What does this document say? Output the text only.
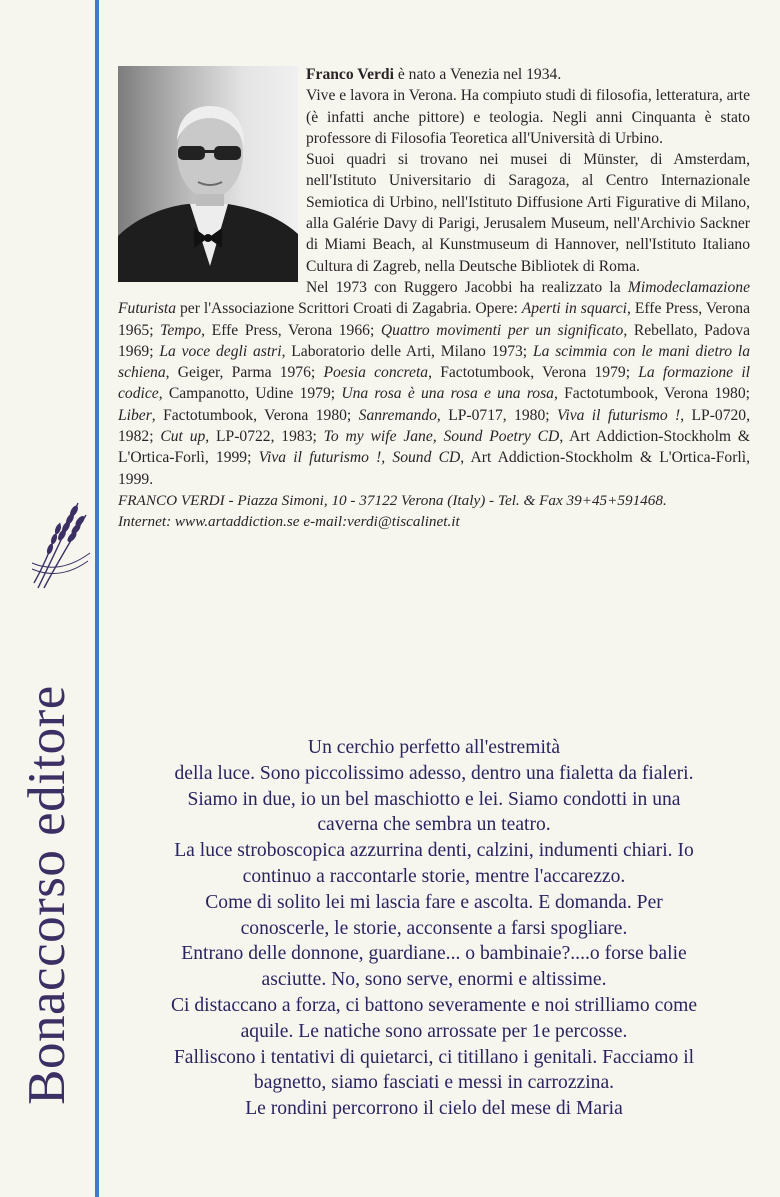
Bonaccorso editore

Franco Verdi è nato a Venezia nel 1934.

Vive e lavora in Verona. Ha compiuto studi di filosofia, letteratura, arte (è infatti anche pittore) e teologia. Negli anni Cinquanta è stato professore di Filosofia Teoretica all'Università di Urbino.

Suoi quadri si trovano nei musei di Münster, di Amsterdam, nell'Istituto Universitario di Saragoza, al Centro Internazionale Semiotica di Urbino, nell'Istituto Diffusione Arti Figurative di Milano, alla Galérie Davy di Parigi, Jerusalem Museum, nell'Archivio Sackner di Miami Beach, al Kunstmuseum di Hannover, nell'Istituto Italiano Cultura di Zagreb, nella Deutsche Bibliotek di Roma.

Nel 1973 con Ruggero Jacobbi ha realizzato la Mimodeclamazione Futurista per l'Associazione Scrittori Croati di Zagabria. Opere: Aperti in squarci, Effe Press, Verona 1965; Tempo, Effe Press, Verona 1966; Quattro movimenti per un significato, Rebellato, Padova 1969; La voce degli astri, Laboratorio delle Arti, Milano 1973; La scimmia con le mani dietro la schiena, Geiger, Parma 1976; Poesia concreta, Factotumbook, Verona 1979; La formazione il codice, Campanotto, Udine 1979; Una rosa è una rosa e una rosa, Factotumbook, Verona 1980; Liber, Factotumbook, Verona 1980; Sanremando, LP-0717, 1980; Viva il futurismo !, LP-0720, 1982; Cut up, LP-0722, 1983; To my wife Jane, Sound Poetry CD, Art Addiction-Stockholm & L'Ortica-Forlì, 1999; Viva il futurismo !, Sound CD, Art Addiction-Stockholm & L'Ortica-Forlì, 1999.

FRANCO VERDI - Piazza Simoni, 10 - 37122 Verona (Italy) - Tel. & Fax 39+45+591468.
Internet: www.artaddiction.se e-mail:verdi@tiscalinet.it
Un cerchio perfetto all'estremità
della luce. Sono piccolissimo adesso, dentro una fialetta da fialeri.
Siamo in due, io un bel maschiotto e lei. Siamo condotti in una
caverna che sembra un teatro.
La luce stroboscopica azzurrina denti, calzini, indumenti chiari. Io
continuo a raccontarle storie, mentre l'accarezzo.
Come di solito lei mi lascia fare e ascolta. E domanda. Per
conoscerle, le storie, acconsente a farsi spogliare.
Entrano delle donnone, guardiane... o bambinaie?....o forse balie
asciutte. No, sono serve, enormi e altissime.
Ci distaccano a forza, ci battono severamente e noi strilliamo come
aquile. Le natiche sono arrossate per 1e percosse.
Falliscono i tentativi di quietarci, ci titillano i genitali. Facciamo il
bagnetto, siamo fasciati e messi in carrozzina.
Le rondini percorrono il cielo del mese di Maria
